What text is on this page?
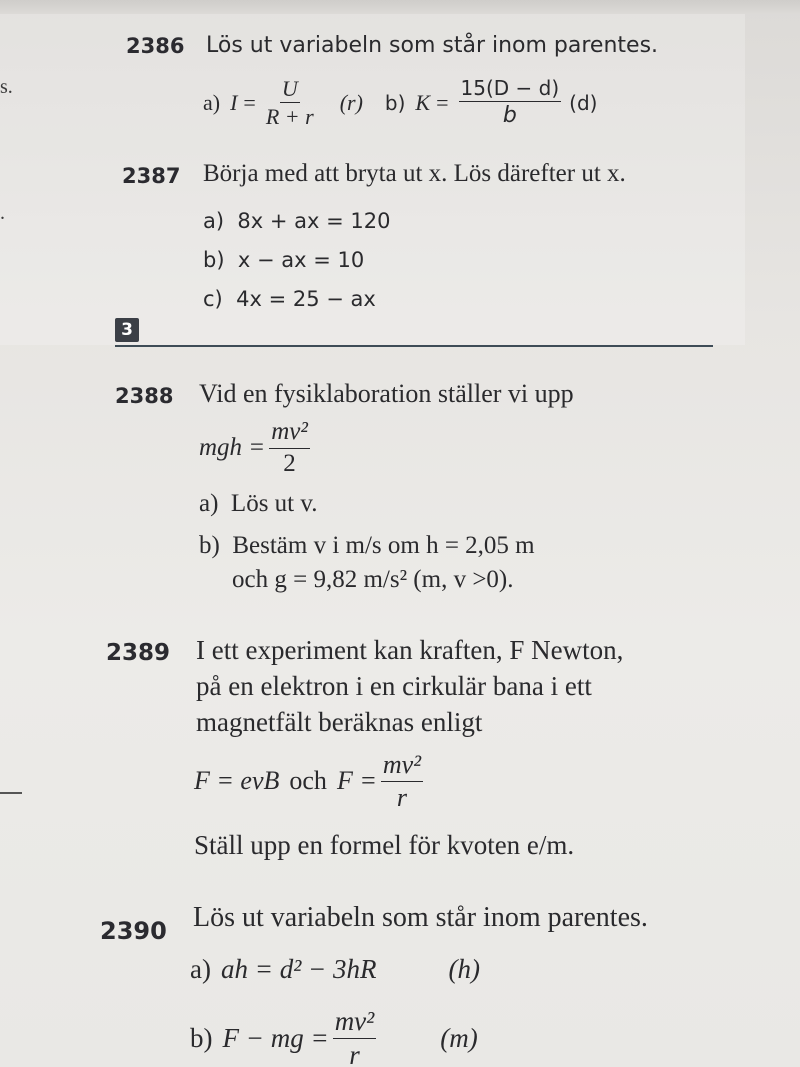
s.
.
2386 Lös ut variabeln som står inom parentes.
a) $I = \frac{U}{R + r} (r)$ b) $K = \frac{15(D - d)}{b} (d)$
2387 Börja med att bryta ut x. Lös därefter ut x.
a) 8x + ax = 120
b) x − ax = 10
c) 4x = 25 − ax
3
2388 Vid en fysiklaboration ställer vi upp
mgh = $\frac{\text{mv²}}{2}$
a) Lös ut v.
b) Bestäm v i m/s om h = 2,05 m
och g = 9,82 m/s² (m, v >0).
2389 I ett experiment kan kraften, F Newton,
på en elektron i en cirkulär bana i ett
magnetfält beräknas enligt
F = evB och $F = \frac{\text{mv²}}{r}$
Ställ upp en formel för kvoten e/m.
2390 Lös ut variabeln som står inom parentes.
a) ah = d² − 3hR	(h)
b) F − mg = $\frac{\text{mv²}}{r} (m)$
